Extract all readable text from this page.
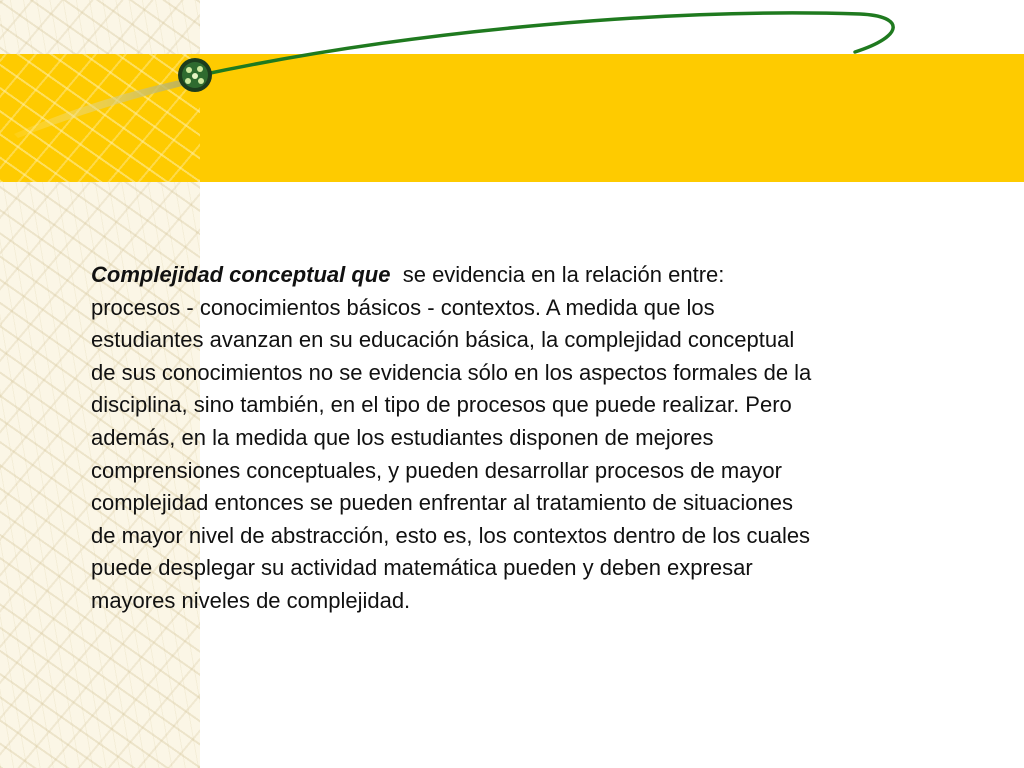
Complejidad conceptual que se evidencia en la relación entre:
procesos - conocimientos básicos - contextos. A medida que los
estudiantes avanzan en su educación básica, la complejidad conceptual
de sus conocimientos no se evidencia sólo en los aspectos formales de la
disciplina, sino también, en el tipo de procesos que puede realizar. Pero
además, en la medida que los estudiantes disponen de mejores
comprensiones conceptuales, y pueden desarrollar procesos de mayor
complejidad entonces se pueden enfrentar al tratamiento de situaciones
de mayor nivel de abstracción, esto es, los contextos dentro de los cuales
puede desplegar su actividad matemática pueden y deben expresar
mayores niveles de complejidad.
